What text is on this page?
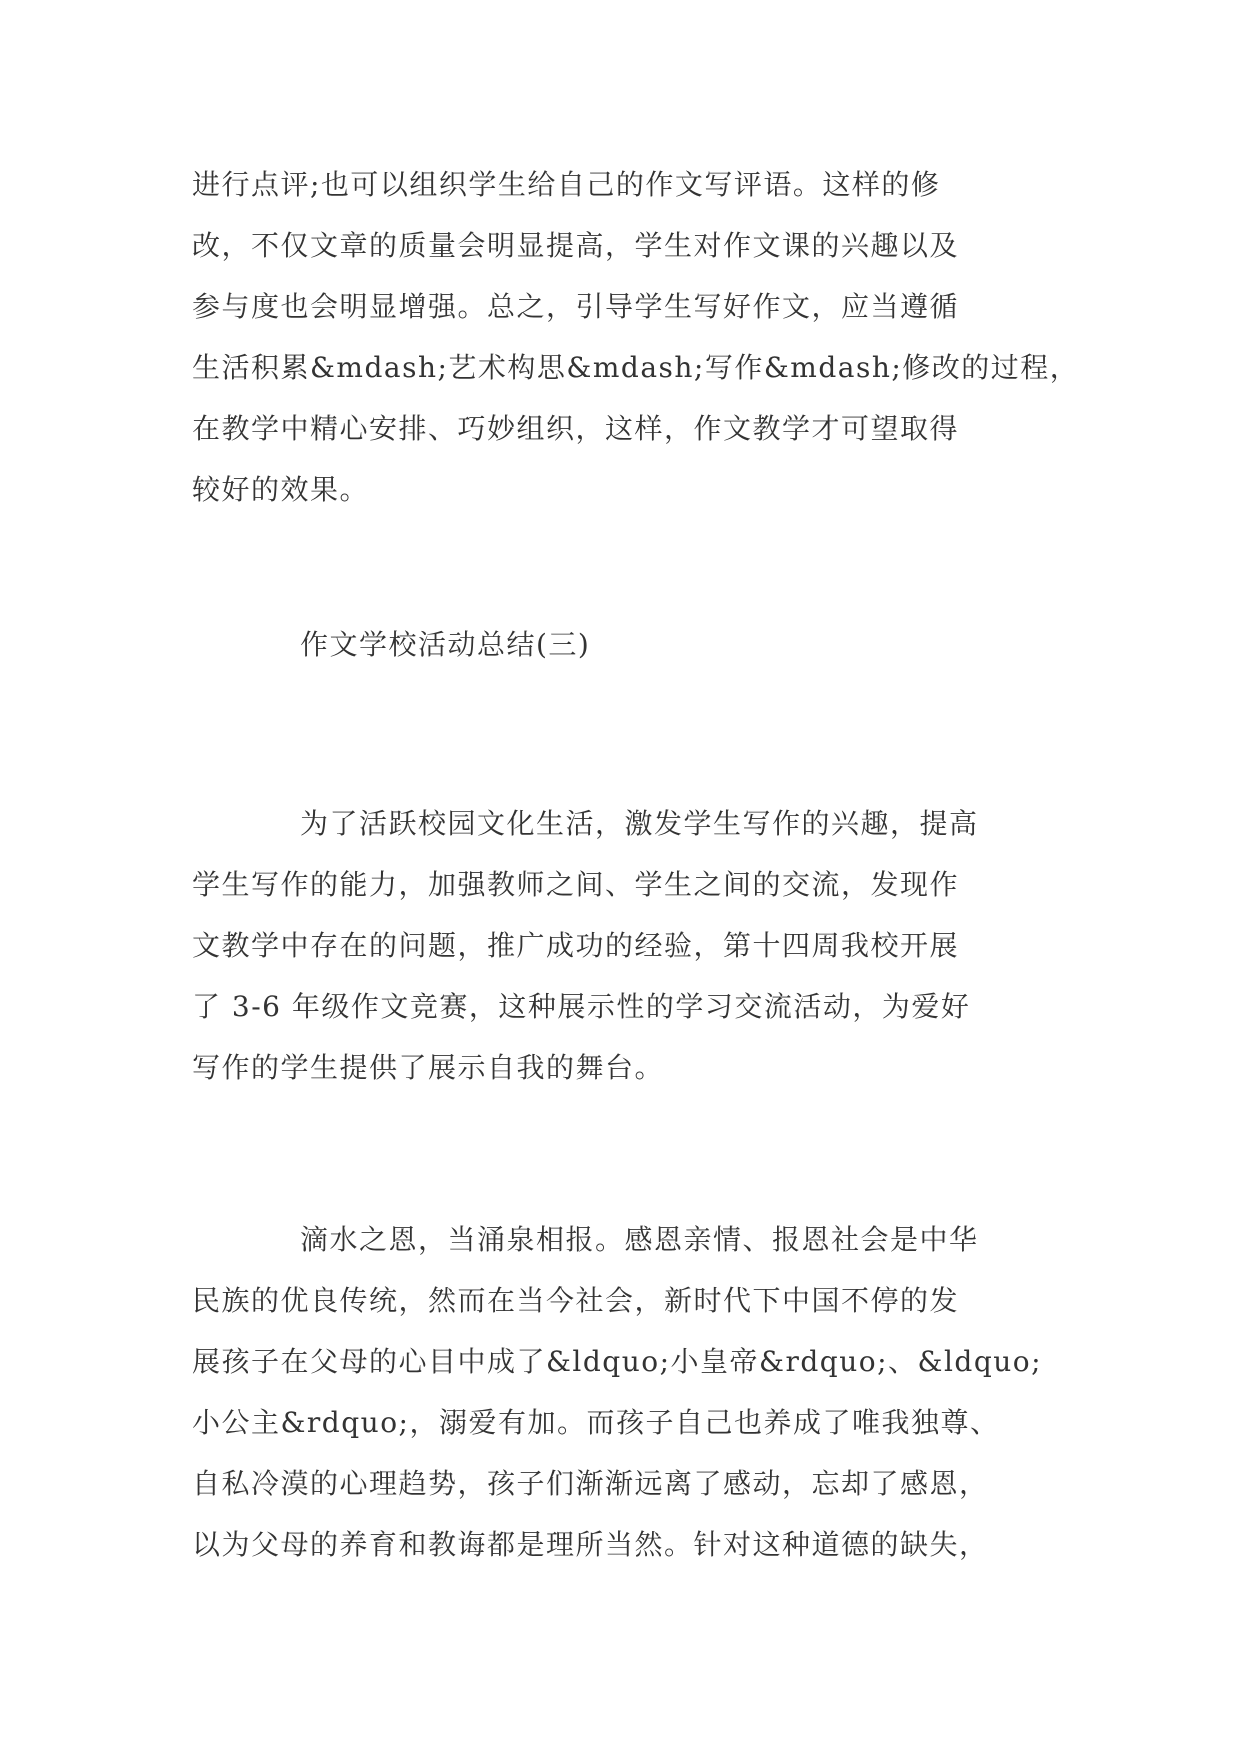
进行点评;也可以组织学生给自己的作文写评语。这样的修
改，不仅文章的质量会明显提高，学生对作文课的兴趣以及
参与度也会明显增强。总之，引导学生写好作文，应当遵循
生活积累&mdash;艺术构思&mdash;写作&mdash;修改的过程，
在教学中精心安排、巧妙组织，这样，作文教学才可望取得
较好的效果。
作文学校活动总结(三)
为了活跃校园文化生活，激发学生写作的兴趣，提高
学生写作的能力，加强教师之间、学生之间的交流，发现作
文教学中存在的问题，推广成功的经验，第十四周我校开展
了 3-6 年级作文竞赛，这种展示性的学习交流活动，为爱好
写作的学生提供了展示自我的舞台。
滴水之恩，当涌泉相报。感恩亲情、报恩社会是中华
民族的优良传统，然而在当今社会，新时代下中国不停的发
展孩子在父母的心目中成了&ldquo;小皇帝&rdquo;、&ldquo;
小公主&rdquo;，溺爱有加。而孩子自己也养成了唯我独尊、
自私冷漠的心理趋势，孩子们渐渐远离了感动，忘却了感恩，
以为父母的养育和教诲都是理所当然。针对这种道德的缺失，
